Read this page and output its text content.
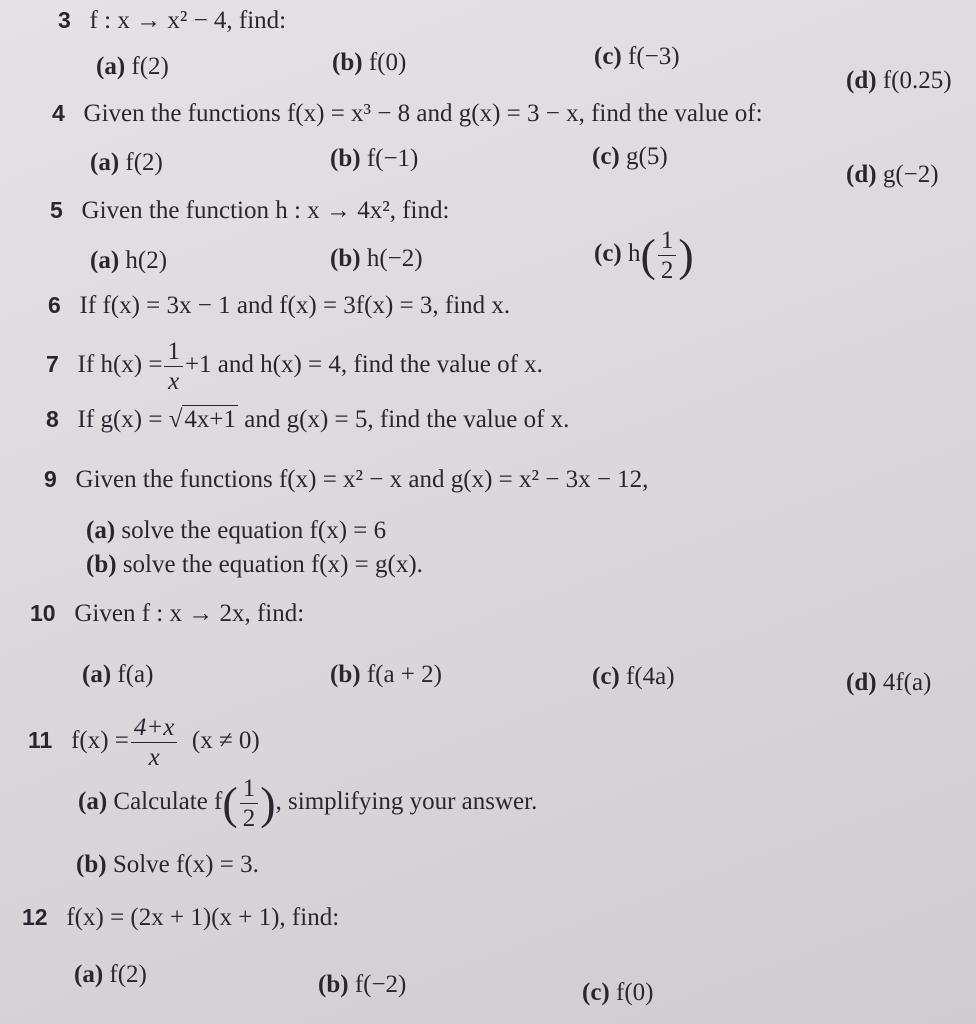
3 f : x → x² − 4, find:
(a) f(2)	(b) f(0)	(c) f(−3)
(d) f(0.25)
4 Given the functions f(x) = x³ − 8 and g(x) = 3 − x, find the value of:
(a) f(2)	(b) f(−1)	(c) g(5)
(d) g(−2)
5 Given the function h : x → 4x², find:
(a) h(2)	(b) h(−2)	(c) $h( \frac{1}{2}$ )
6 If f(x) = 3x − 1 and f(x) = 3f(x) = 3, find x.
7 If $h(x) = \frac{1}{x} +1$ and h(x) = 4, find the value of x.
8 If g(x) = √4x+1 and g(x) = 5, find the value of x.
9 Given the functions f(x) = x² − x and g(x) = x² − 3x − 12,
(a) solve the equation f(x) = 6
(b) solve the equation f(x) = g(x).
10 Given f : x → 2x, find:
(a) f(a)	(b) f(a + 2)	(c) f(4a)	(d) 4f(a)
11 $f(x) = \frac{4+x}{x} (x \ne 0)$
(a) Calculate $f( \frac{1}{2}$ ), simplifying your answer.
(b) Solve f(x) = 3.
12 f(x) = (2x + 1)(x + 1), find:
(a) f(2)	(b) f(−2)	(c) f(0)
